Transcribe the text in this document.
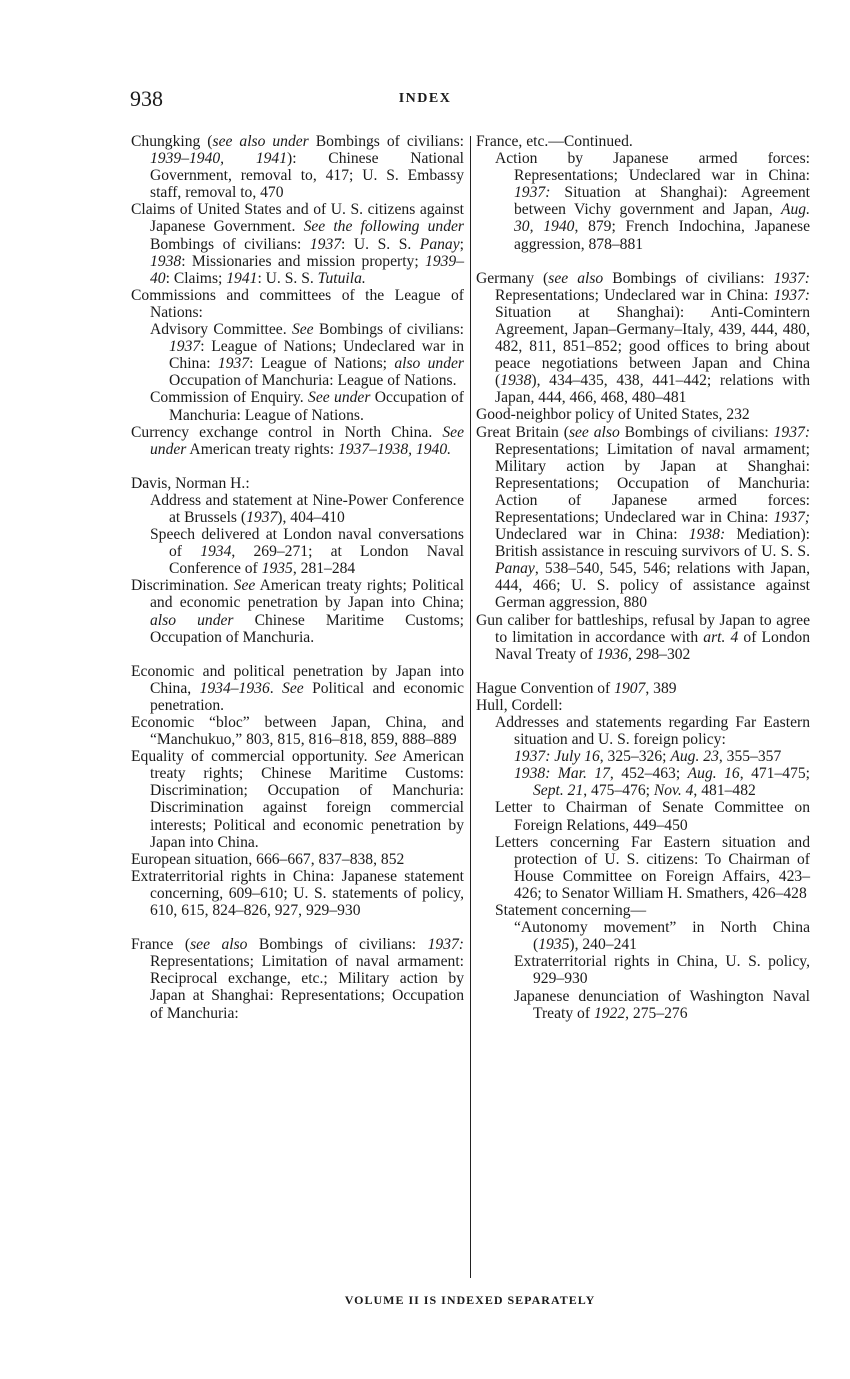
938	INDEX
Chungking (see also under Bombings of civilians: 1939–1940, 1941): Chinese National Government, removal to, 417; U. S. Embassy staff, removal to, 470
Claims of United States and of U. S. citizens against Japanese Government. See the following under Bombings of civilians: 1937: U. S. S. Panay; 1938: Missionaries and mission property; 1939–40: Claims; 1941: U. S. S. Tutuila.
Commissions and committees of the League of Nations:
Advisory Committee. See Bombings of civilians: 1937: League of Nations; Undeclared war in China: 1937: League of Nations; also under Occupation of Manchuria: League of Nations.
Commission of Enquiry. See under Occupation of Manchuria: League of Nations.
Currency exchange control in North China. See under American treaty rights: 1937–1938, 1940.
Davis, Norman H.:
Address and statement at Nine-Power Conference at Brussels (1937), 404–410
Speech delivered at London naval conversations of 1934, 269–271; at London Naval Conference of 1935, 281–284
Discrimination. See American treaty rights; Political and economic penetration by Japan into China; also under Chinese Maritime Customs; Occupation of Manchuria.
Economic and political penetration by Japan into China, 1934–1936. See Political and economic penetration.
Economic “bloc” between Japan, China, and “Manchukuo,” 803, 815, 816–818, 859, 888–889
Equality of commercial opportunity. See American treaty rights; Chinese Maritime Customs: Discrimination; Occupation of Manchuria: Discrimination against foreign commercial interests; Political and economic penetration by Japan into China.
European situation, 666–667, 837–838, 852
Extraterritorial rights in China: Japanese statement concerning, 609–610; U. S. statements of policy, 610, 615, 824–826, 927, 929–930
France (see also Bombings of civilians: 1937: Representations; Limitation of naval armament: Reciprocal exchange, etc.; Military action by Japan at Shanghai: Representations; Occupation of Manchuria:
France, etc.—Continued.
Action by Japanese armed forces: Representations; Undeclared war in China: 1937: Situation at Shanghai): Agreement between Vichy government and Japan, Aug. 30, 1940, 879; French Indochina, Japanese aggression, 878–881
Germany (see also Bombings of civilians: 1937: Representations; Undeclared war in China: 1937: Situation at Shanghai): Anti-Comintern Agreement, Japan–Germany–Italy, 439, 444, 480, 482, 811, 851–852; good offices to bring about peace negotiations between Japan and China (1938), 434–435, 438, 441–442; relations with Japan, 444, 466, 468, 480–481
Good-neighbor policy of United States, 232
Great Britain (see also Bombings of civilians: 1937: Representations; Limitation of naval armament; Military action by Japan at Shanghai: Representations; Occupation of Manchuria: Action of Japanese armed forces: Representations; Undeclared war in China: 1937; Undeclared war in China: 1938: Mediation): British assistance in rescuing survivors of U. S. S. Panay, 538–540, 545, 546; relations with Japan, 444, 466; U. S. policy of assistance against German aggression, 880
Gun caliber for battleships, refusal by Japan to agree to limitation in accordance with art. 4 of London Naval Treaty of 1936, 298–302
Hague Convention of 1907, 389
Hull, Cordell:
Addresses and statements regarding Far Eastern situation and U. S. foreign policy:
1937: July 16, 325–326; Aug. 23, 355–357
1938: Mar. 17, 452–463; Aug. 16, 471–475; Sept. 21, 475–476; Nov. 4, 481–482
Letter to Chairman of Senate Committee on Foreign Relations, 449–450
Letters concerning Far Eastern situation and protection of U. S. citizens: To Chairman of House Committee on Foreign Affairs, 423–426; to Senator William H. Smathers, 426–428
Statement concerning—
“Autonomy movement” in North China (1935), 240–241
Extraterritorial rights in China, U. S. policy, 929–930
Japanese denunciation of Washington Naval Treaty of 1922, 275–276
VOLUME II IS INDEXED SEPARATELY
